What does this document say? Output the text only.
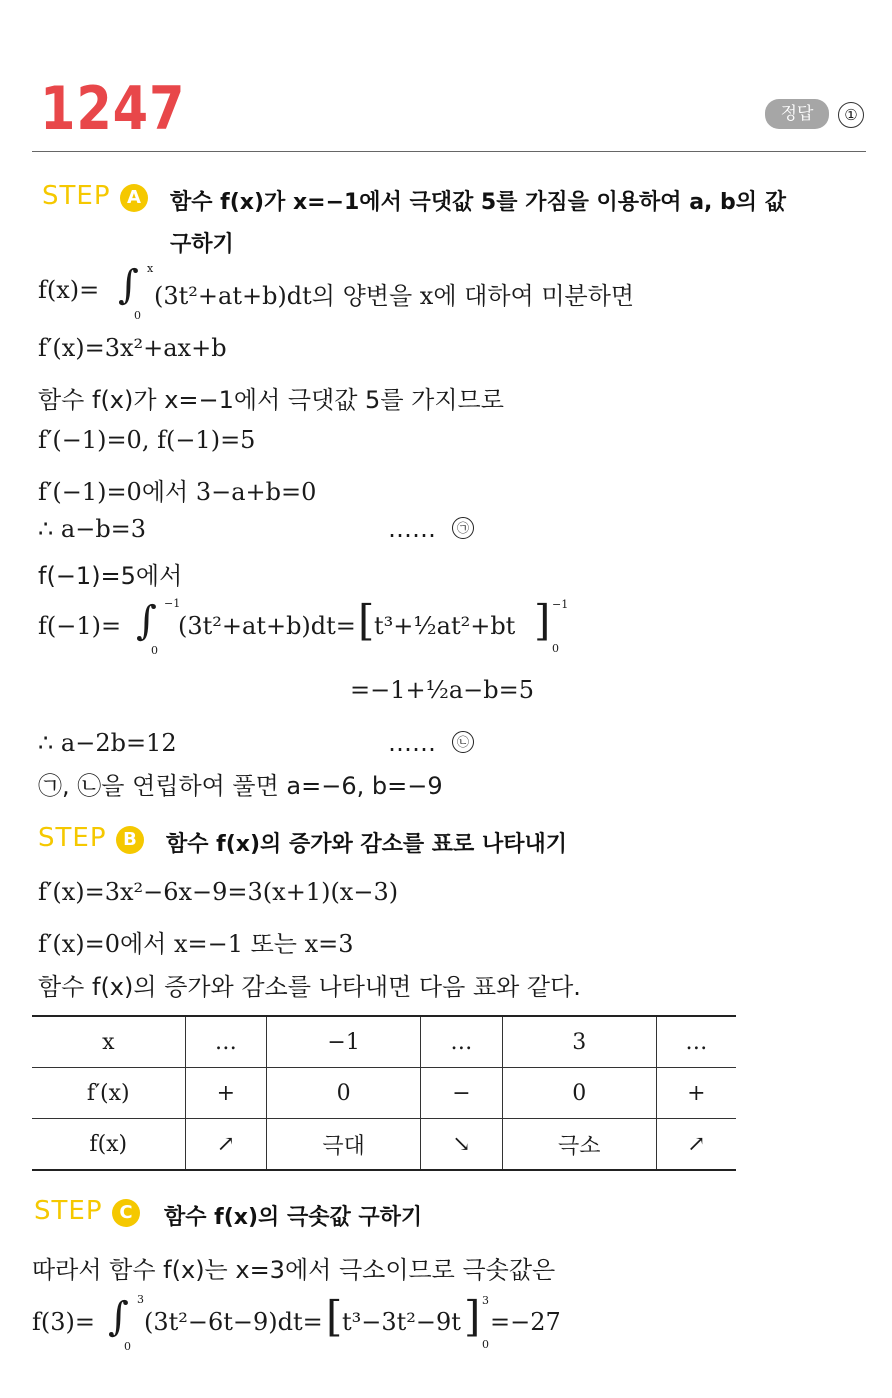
1247	정답	①
STEP A	함수 f(x)가 x=−1에서 극댓값 5를 가짐을 이용하여 a, b의 값
구하기
f(x)= ∫ x
0
(3t²+at+b)dt의 양변을 x에 대하여 미분하면
f′(x)=3x²+ax+b
함수 f(x)가 x=−1에서 극댓값 5를 가지므로
f′(−1)=0, f(−1)=5
f′(−1)=0에서 3−a+b=0
∴ a−b=3	……	㉠
f(−1)=5에서
f(−1)= ∫ −1
0
(3t²+at+b)dt= [ t³+½at²+bt ] −1
0
=−1+½a−b=5
∴ a−2b=12	……	㉡
㉠, ㉡을 연립하여 풀면 a=−6, b=−9
STEP B	함수 f(x)의 증가와 감소를 표로 나타내기
f′(x)=3x²−6x−9=3(x+1)(x−3)
f′(x)=0에서 x=−1 또는 x=3
함수 f(x)의 증가와 감소를 나타내면 다음 표와 같다.
x	…	−1	…	3	…
f′(x)	+	0	−	0	+
f(x)	↗	극대	↘	극소	↗
STEP C	함수 f(x)의 극솟값 구하기
따라서 함수 f(x)는 x=3에서 극소이므로 극솟값은
f(3)= ∫ 3
0
(3t²−6t−9)dt= [ t³−3t²−9t ] 3
0
=−27
